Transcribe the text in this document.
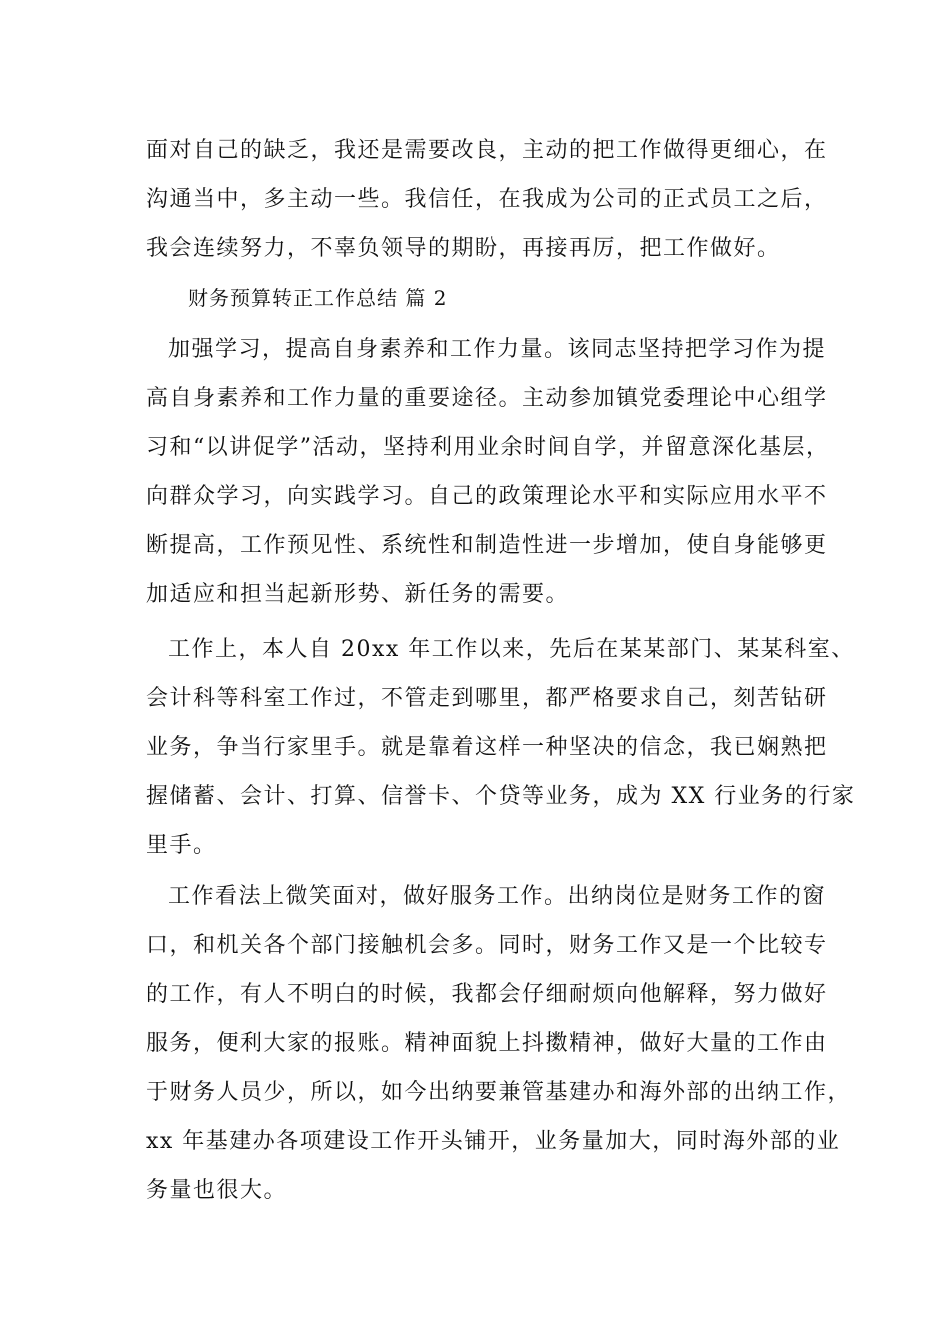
面对自己的缺乏，我还是需要改良，主动的把工作做得更细心，在
沟通当中，多主动一些。我信任，在我成为公司的正式员工之后，
我会连续努力，不辜负领导的期盼，再接再厉，把工作做好。
财务预算转正工作总结 篇 2
加强学习，提高自身素养和工作力量。该同志坚持把学习作为提
高自身素养和工作力量的重要途径。主动参加镇党委理论中心组学
习和“以讲促学”活动，坚持利用业余时间自学，并留意深化基层，
向群众学习，向实践学习。自己的政策理论水平和实际应用水平不
断提高，工作预见性、系统性和制造性进一步增加，使自身能够更
加适应和担当起新形势、新任务的需要。
工作上，本人自 20xx 年工作以来，先后在某某部门、某某科室、
会计科等科室工作过，不管走到哪里，都严格要求自己，刻苦钻研
业务，争当行家里手。就是靠着这样一种坚决的信念，我已娴熟把
握储蓄、会计、打算、信誉卡、个贷等业务，成为 XX 行业务的行家
里手。
工作看法上微笑面对，做好服务工作。出纳岗位是财务工作的窗
口，和机关各个部门接触机会多。同时，财务工作又是一个比较专
的工作，有人不明白的时候，我都会仔细耐烦向他解释，努力做好
服务，便利大家的报账。精神面貌上抖擞精神，做好大量的工作由
于财务人员少，所以，如今出纳要兼管基建办和海外部的出纳工作，
xx 年基建办各项建设工作开头铺开，业务量加大，同时海外部的业
务量也很大。
